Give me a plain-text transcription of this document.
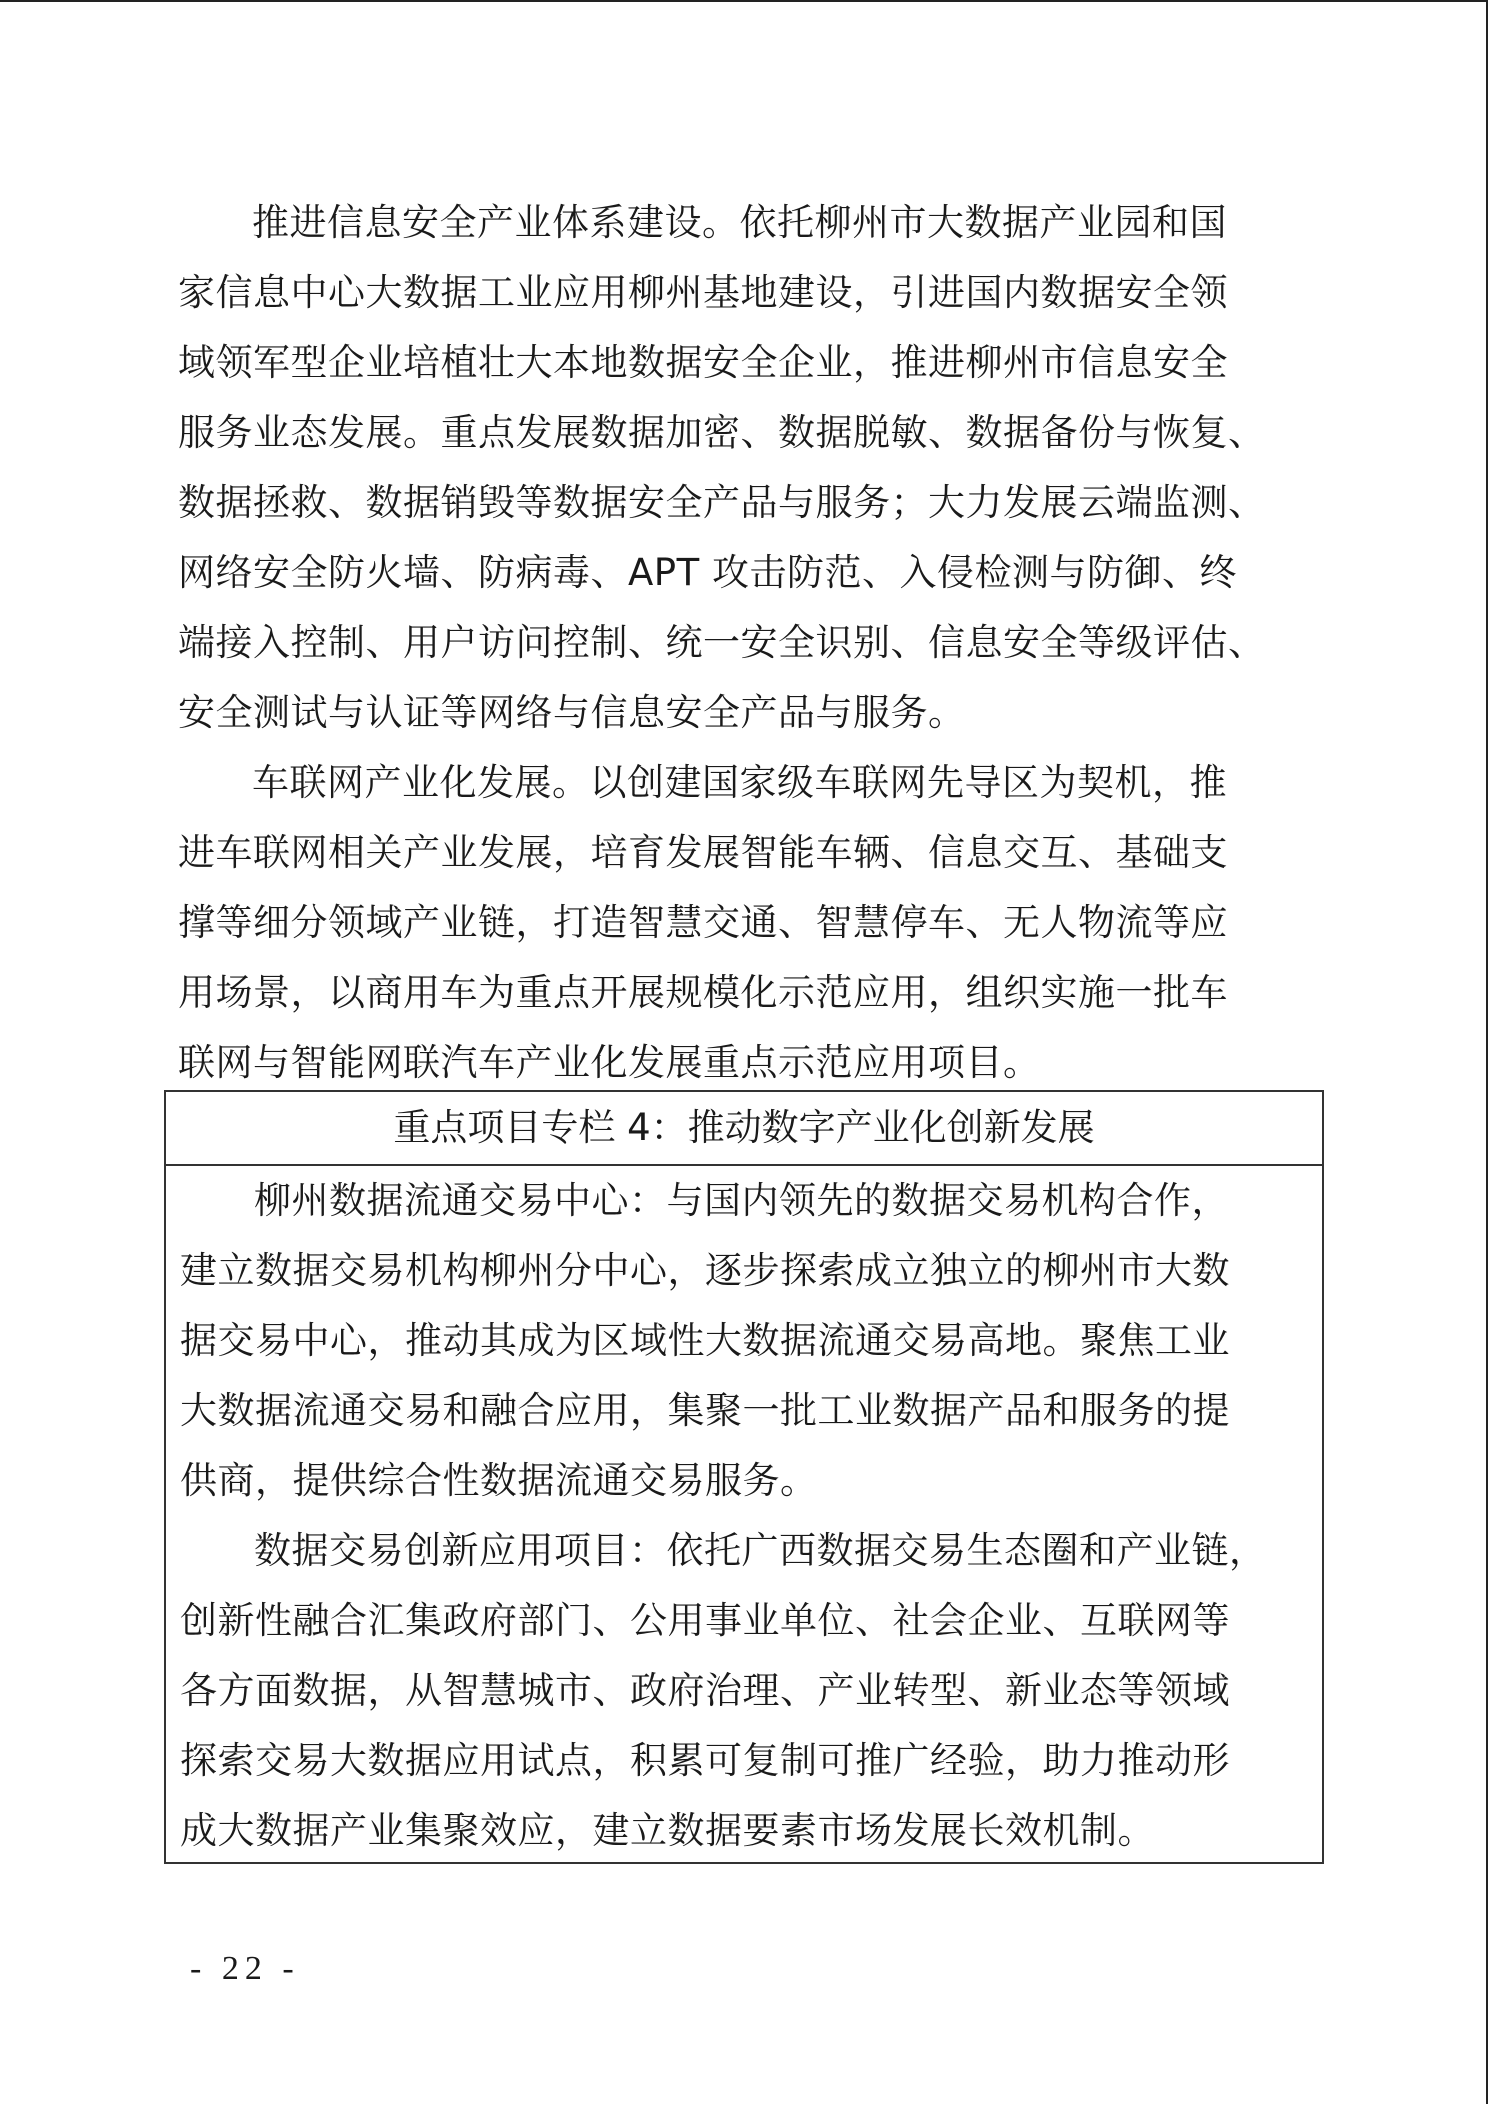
推进信息安全产业体系建设。依托柳州市大数据产业园和国
家信息中心大数据工业应用柳州基地建设，引进国内数据安全领
域领军型企业培植壮大本地数据安全企业，推进柳州市信息安全
服务业态发展。重点发展数据加密、数据脱敏、数据备份与恢复、
数据拯救、数据销毁等数据安全产品与服务；大力发展云端监测、
网络安全防火墙、防病毒、APT 攻击防范、入侵检测与防御、终
端接入控制、用户访问控制、统一安全识别、信息安全等级评估、
安全测试与认证等网络与信息安全产品与服务。
车联网产业化发展。以创建国家级车联网先导区为契机，推
进车联网相关产业发展，培育发展智能车辆、信息交互、基础支
撑等细分领域产业链，打造智慧交通、智慧停车、无人物流等应
用场景，以商用车为重点开展规模化示范应用，组织实施一批车
联网与智能网联汽车产业化发展重点示范应用项目。
重点项目专栏 4：推动数字产业化创新发展
柳州数据流通交易中心：与国内领先的数据交易机构合作，
建立数据交易机构柳州分中心，逐步探索成立独立的柳州市大数
据交易中心，推动其成为区域性大数据流通交易高地。聚焦工业
大数据流通交易和融合应用，集聚一批工业数据产品和服务的提
供商，提供综合性数据流通交易服务。
数据交易创新应用项目：依托广西数据交易生态圈和产业链，
创新性融合汇集政府部门、公用事业单位、社会企业、互联网等
各方面数据，从智慧城市、政府治理、产业转型、新业态等领域
探索交易大数据应用试点，积累可复制可推广经验，助力推动形
成大数据产业集聚效应，建立数据要素市场发展长效机制。
- 22 -
